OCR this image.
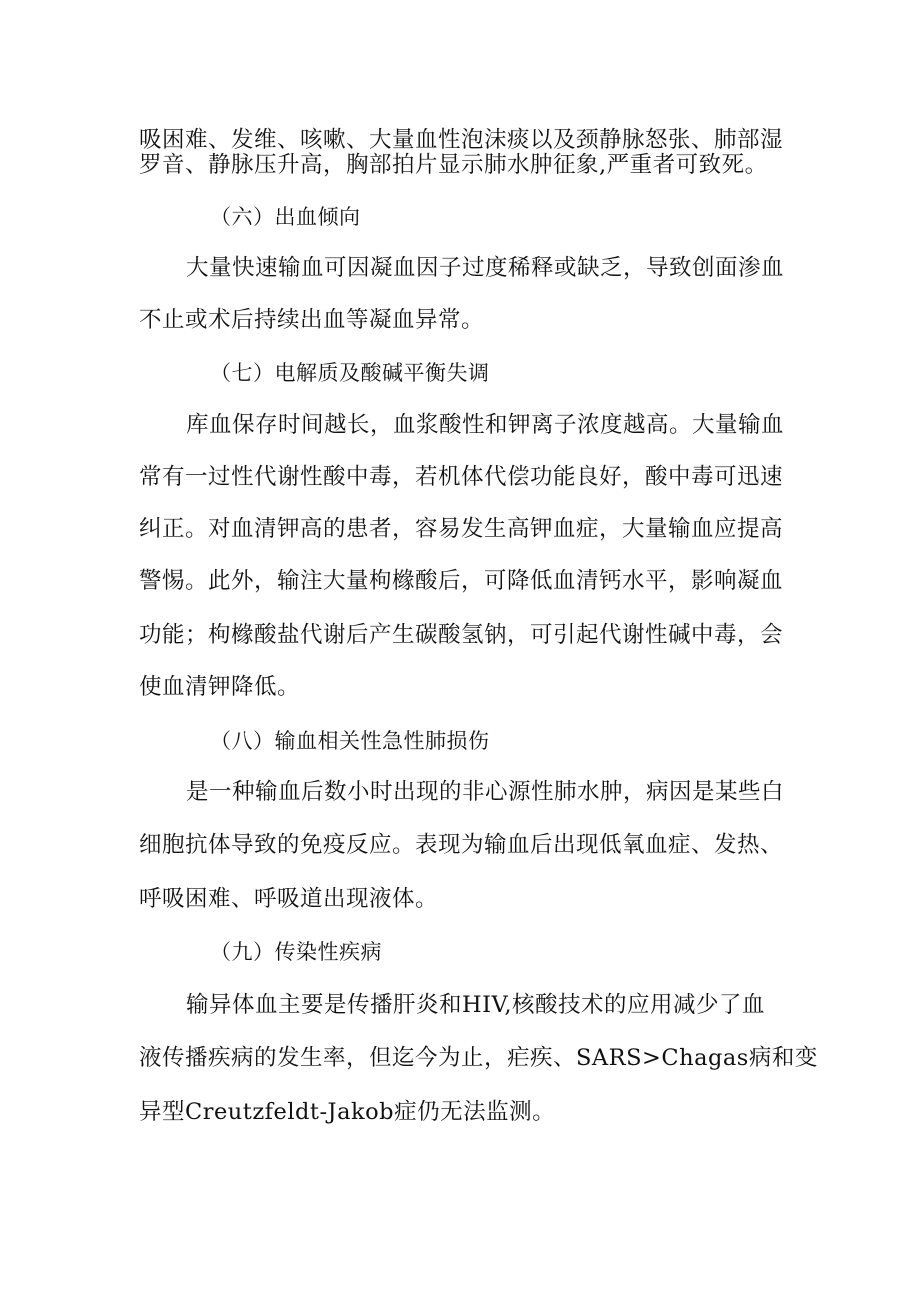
吸困难、发维、咳嗽、大量血性泡沫痰以及颈静脉怒张、肺部湿
罗音、静脉压升高，胸部拍片显示肺水肿征象,严重者可致死。
（六）出血倾向
大量快速输血可因凝血因子过度稀释或缺乏，导致创面渗血
不止或术后持续出血等凝血异常。
（七）电解质及酸碱平衡失调
库血保存时间越长，血浆酸性和钾离子浓度越高。大量输血
常有一过性代谢性酸中毒，若机体代偿功能良好，酸中毒可迅速
纠正。对血清钾高的患者，容易发生高钾血症，大量输血应提高
警惕。此外，输注大量枸橼酸后，可降低血清钙水平，影响凝血
功能；枸橼酸盐代谢后产生碳酸氢钠，可引起代谢性碱中毒，会
使血清钾降低。
（八）输血相关性急性肺损伤
是一种输血后数小时出现的非心源性肺水肿，病因是某些白
细胞抗体导致的免疫反应。表现为输血后出现低氧血症、发热、
呼吸困难、呼吸道出现液体。
（九）传染性疾病
输异体血主要是传播肝炎和HIV,核酸技术的应用减少了血
液传播疾病的发生率，但迄今为止，疟疾、SARS>Chagas病和变
异型Creutzfeldt-Jakob症仍无法监测。
